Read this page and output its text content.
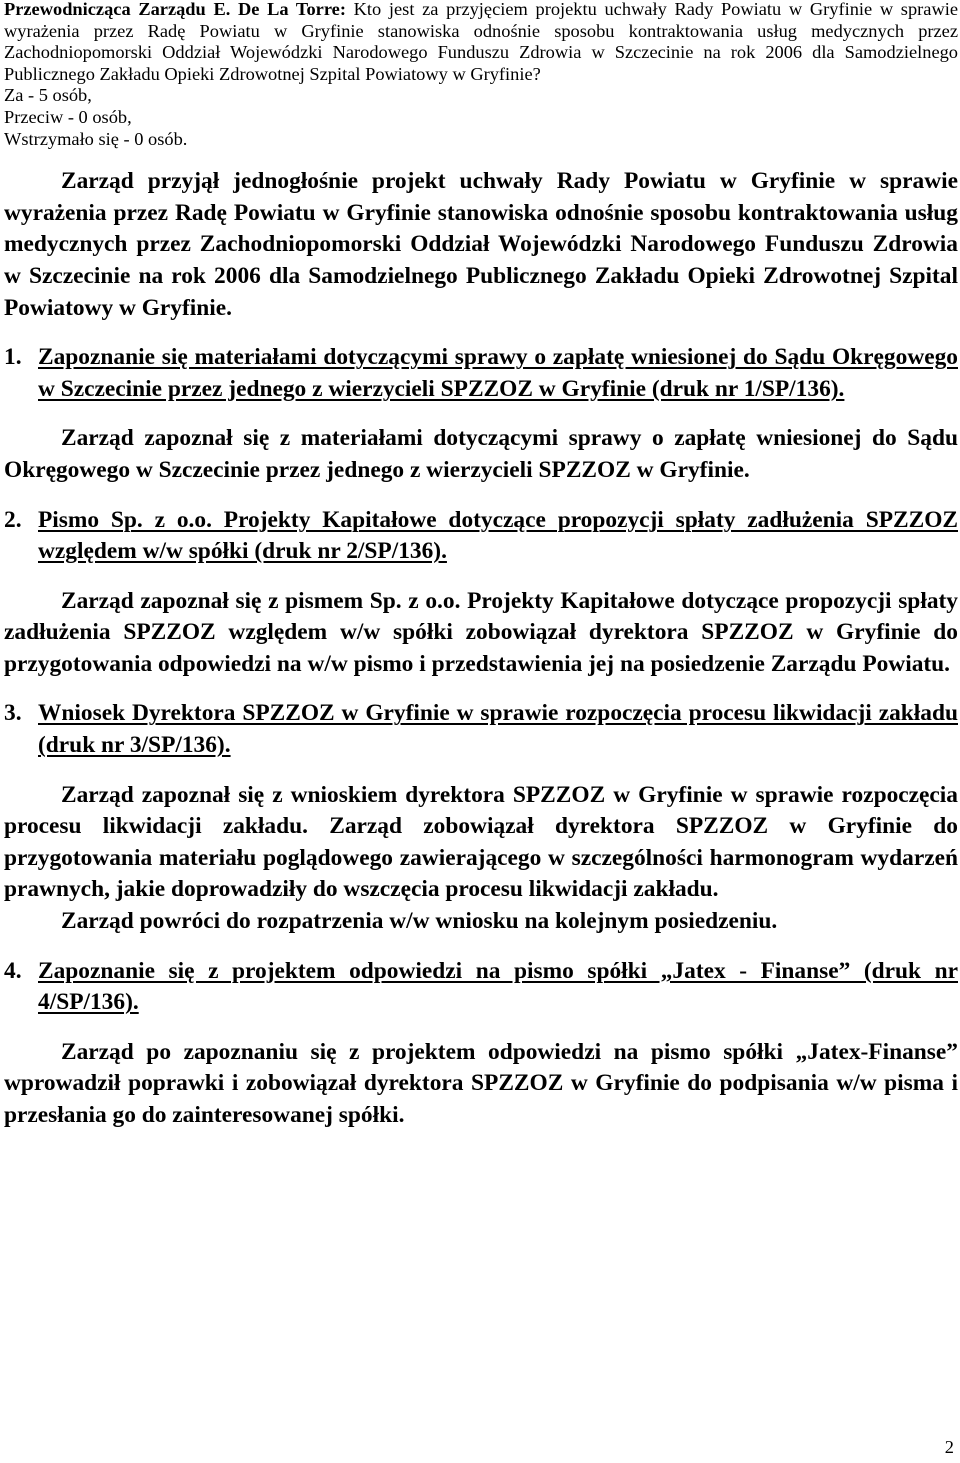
Przewodnicząca Zarządu E. De La Torre: Kto jest za przyjęciem projektu uchwały Rady Powiatu w Gryfinie w sprawie wyrażenia przez Radę Powiatu w Gryfinie stanowiska odnośnie sposobu kontraktowania usług medycznych przez Zachodniopomorski Oddział Wojewódzki Narodowego Funduszu Zdrowia w Szczecinie na rok 2006 dla Samodzielnego Publicznego Zakładu Opieki Zdrowotnej Szpital Powiatowy w Gryfinie?

Za - 5 osób,

Przeciw - 0 osób,

Wstrzymało się - 0 osób.

Zarząd przyjął jednogłośnie projekt uchwały Rady Powiatu w Gryfinie w sprawie wyrażenia przez Radę Powiatu w Gryfinie stanowiska odnośnie sposobu kontraktowania usług medycznych przez Zachodniopomorski Oddział Wojewódzki Narodowego Funduszu Zdrowia w Szczecinie na rok 2006 dla Samodzielnego Publicznego Zakładu Opieki Zdrowotnej Szpital Powiatowy w Gryfinie.

1. Zapoznanie się materiałami dotyczącymi sprawy o zapłatę wniesionej do Sądu Okręgowego w Szczecinie przez jednego z wierzycieli SPZZOZ w Gryfinie (druk nr 1/SP/136).

Zarząd zapoznał się z materiałami dotyczącymi sprawy o zapłatę wniesionej do Sądu Okręgowego w Szczecinie przez jednego z wierzycieli SPZZOZ w Gryfinie.

2. Pismo Sp. z o.o. Projekty Kapitałowe dotyczące propozycji spłaty zadłużenia SPZZOZ względem w/w spółki (druk nr 2/SP/136).

Zarząd zapoznał się z pismem Sp. z o.o. Projekty Kapitałowe dotyczące propozycji spłaty zadłużenia SPZZOZ względem w/w spółki zobowiązał dyrektora SPZZOZ w Gryfinie do przygotowania odpowiedzi na w/w pismo i przedstawienia jej na posiedzenie Zarządu Powiatu.

3. Wniosek Dyrektora SPZZOZ w Gryfinie w sprawie rozpoczęcia procesu likwidacji zakładu (druk nr 3/SP/136).

Zarząd zapoznał się z wnioskiem dyrektora SPZZOZ w Gryfinie w sprawie rozpoczęcia procesu likwidacji zakładu. Zarząd zobowiązał dyrektora SPZZOZ w Gryfinie do przygotowania materiału poglądowego zawierającego w szczególności harmonogram wydarzeń prawnych, jakie doprowadziły do wszczęcia procesu likwidacji zakładu.

Zarząd powróci do rozpatrzenia w/w wniosku na kolejnym posiedzeniu.

4. Zapoznanie się z projektem odpowiedzi na pismo spółki „Jatex - Finanse” (druk nr 4/SP/136).

Zarząd po zapoznaniu się z projektem odpowiedzi na pismo spółki „Jatex-Finanse” wprowadził poprawki i zobowiązał dyrektora SPZZOZ w Gryfinie do podpisania w/w pisma i przesłania go do zainteresowanej spółki.

2
